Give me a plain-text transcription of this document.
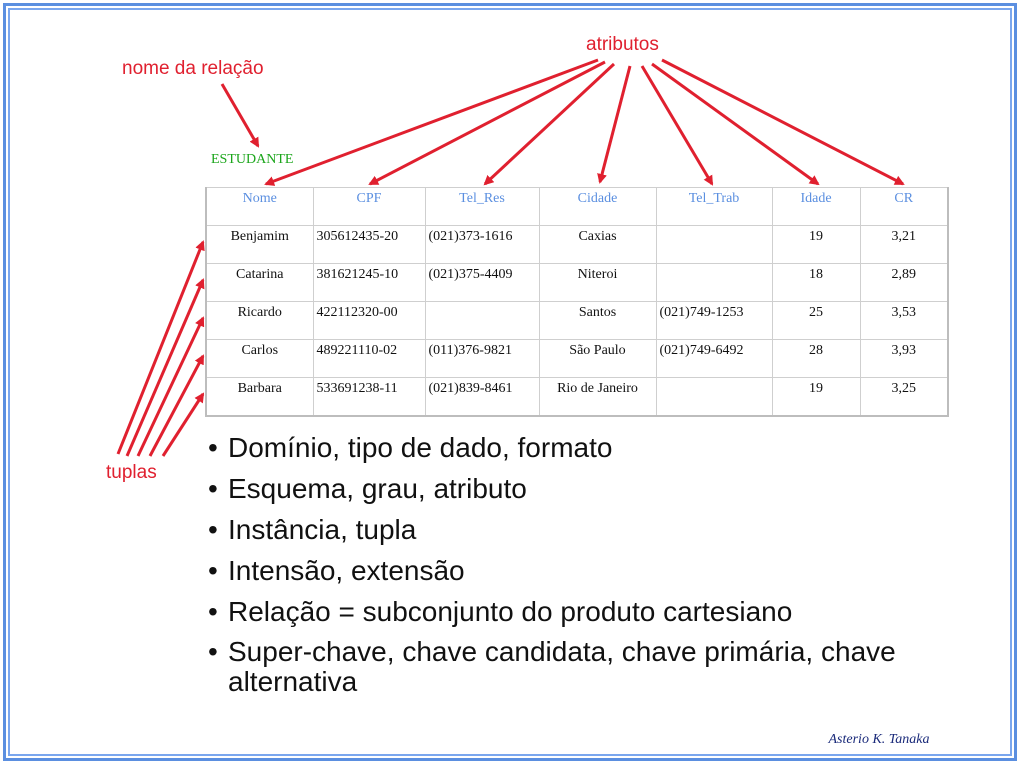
atributos
nome da relação
tuplas
ESTUDANTE
Nome	CPF	Tel_Res	Cidade	Tel_Trab	Idade	CR
Benjamim	305612435-20	(021)373-1616	Caxias		19	3,21
Catarina	381621245-10	(021)375-4409	Niteroi		18	2,89
Ricardo	422112320-00		Santos	(021)749-1253	25	3,53
Carlos	489221110-02	(011)376-9821	São Paulo	(021)749-6492	28	3,93
Barbara	533691238-11	(021)839-8461	Rio de Janeiro		19	3,25
• Domínio, tipo de dado, formato
• Esquema, grau, atributo
• Instância, tupla
• Intensão, extensão
• Relação = subconjunto do produto cartesiano
• Super-chave, chave candidata, chave primária, chave alternativa
Asterio K. Tanaka
